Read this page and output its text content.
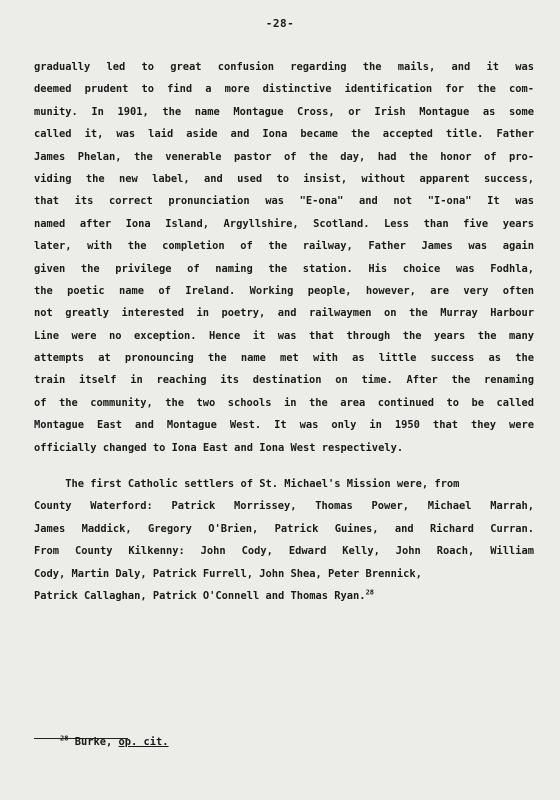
-28-
gradually led to great confusion regarding the mails, and it was
deemed prudent to find a more distinctive identification for the com-
munity. In 1901, the name Montague Cross, or Irish Montague as some
called it, was laid aside and Iona became the accepted title. Father
James Phelan, the venerable pastor of the day, had the honor of pro-
viding the new label, and used to insist, without apparent success,
that its correct pronunciation was "E-ona" and not "I-ona" It was
named after Iona Island, Argyllshire, Scotland. Less than five years
later, with the completion of the railway, Father James was again
given the privilege of naming the station. His choice was Fodhla,
the poetic name of Ireland. Working people, however, are very often
not greatly interested in poetry, and railwaymen on the Murray Harbour
Line were no exception. Hence it was that through the years the many
attempts at pronouncing the name met with as little success as the
train itself in reaching its destination on time. After the renaming
of the community, the two schools in the area continued to be called
Montague East and Montague West. It was only in 1950 that they were
officially changed to Iona East and Iona West respectively.
The first Catholic settlers of St. Michael's Mission were, from
County Waterford: Patrick Morrissey, Thomas Power, Michael Marrah,
James Maddick, Gregory O'Brien, Patrick Guines, and Richard Curran.
From County Kilkenny: John Cody, Edward Kelly, John Roach, William
Cody, Martin Daly, Patrick Furrell, John Shea, Peter Brennick,
Patrick Callaghan, Patrick O'Connell and Thomas Ryan.$^{28}$
$^{28}$ Burke, op. cit.
